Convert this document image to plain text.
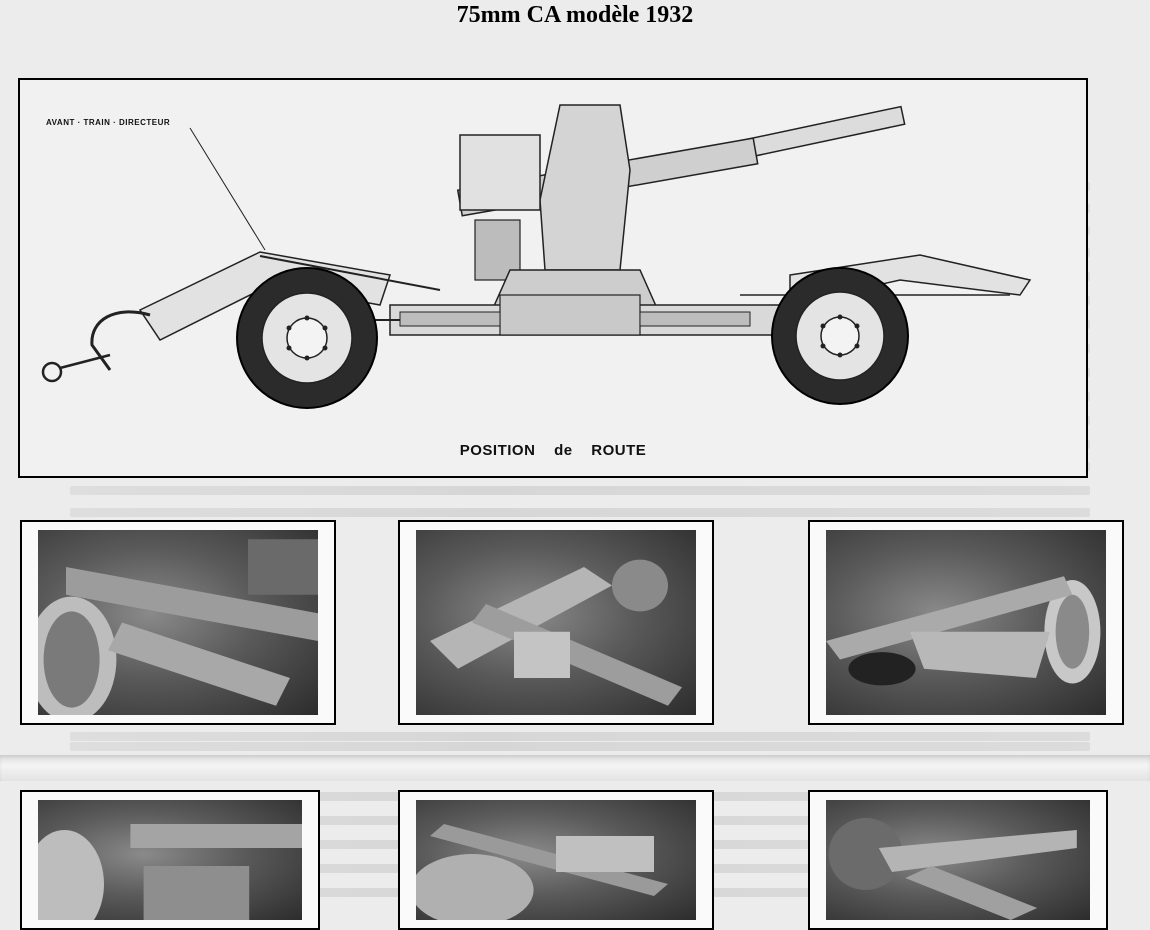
75mm CA modèle 1932
AVANT · TRAIN · DIRECTEUR
POSITION    de    ROUTE
